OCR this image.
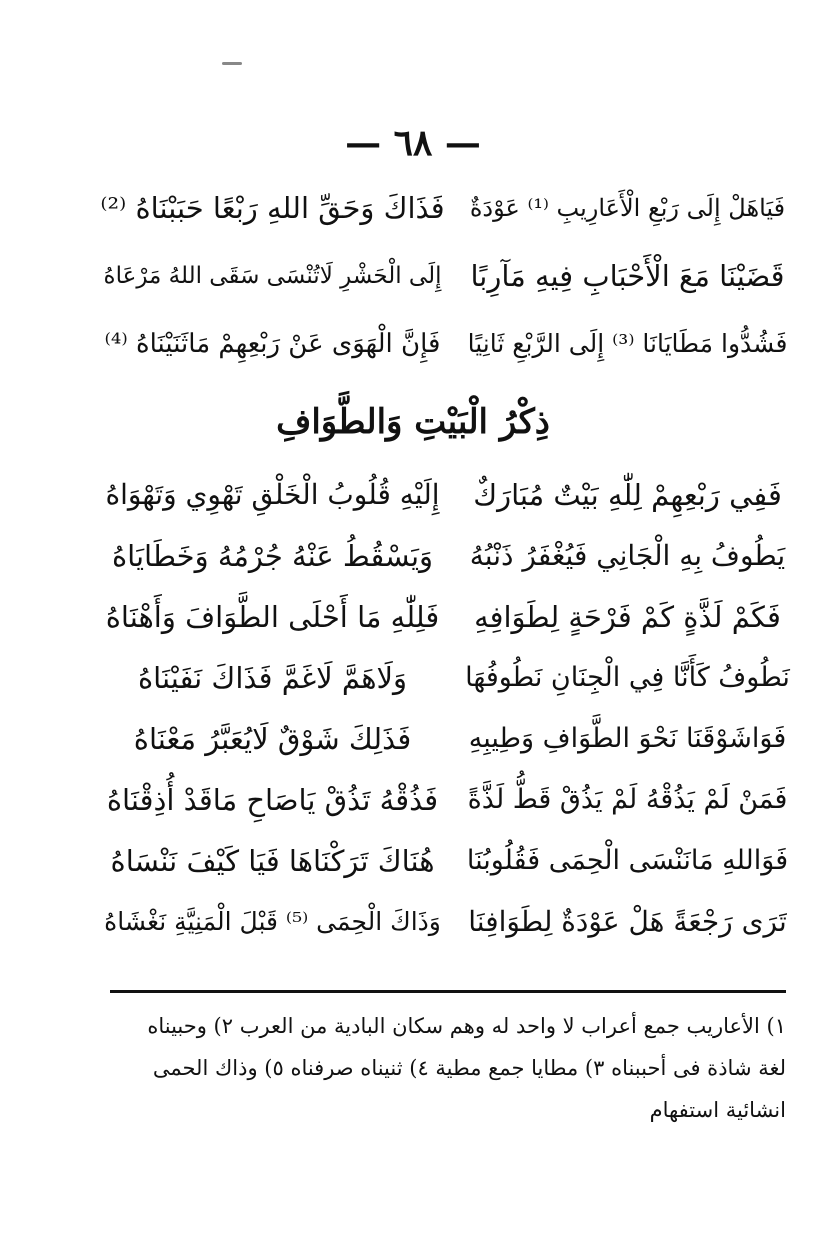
— ٦٨ —
فَيَاهَلْ إِلَى رَبْعِ الْأَعَارِيبِ ⁽¹⁾ عَوْدَةٌ
فَذَاكَ وَحَقِّ اللهِ رَبْعًا حَبَبْنَاهُ ⁽²⁾
قَضَيْنَا مَعَ الْأَحْبَابِ فِيهِ مَآرِبًا
إِلَى الْحَشْرِ لَاتُنْسَى سَقَى اللهُ مَرْعَاهُ
فَشُدُّوا مَطَايَانَا ⁽³⁾ إِلَى الرَّبْعِ ثَانِيًا
فَإِنَّ الْهَوَى عَنْ رَبْعِهِمْ مَاثَنَيْنَاهُ ⁽⁴⁾
ذِكْرُ الْبَيْتِ وَالطَّوَافِ
فَفِي رَبْعِهِمْ لِلّٰهِ بَيْتٌ مُبَارَكٌ
إِلَيْهِ قُلُوبُ الْخَلْقِ تَهْوِي وَتَهْوَاهُ
يَطُوفُ بِهِ الْجَانِي فَيُغْفَرُ ذَنْبُهُ
وَيَسْقُطُ عَنْهُ جُرْمُهُ وَخَطَايَاهُ
فَكَمْ لَذَّةٍ كَمْ فَرْحَةٍ لِطَوَافِهِ
فَلِلّٰهِ مَا أَحْلَى الطَّوَافَ وَأَهْنَاهُ
نَطُوفُ كَأَنَّا فِي الْجِنَانِ نَطُوفُهَا
وَلَاهَمَّ لَاغَمَّ فَذَاكَ نَفَيْنَاهُ
فَوَاشَوْقَنَا نَحْوَ الطَّوَافِ وَطِيبِهِ
فَذَلِكَ شَوْقٌ لَايُعَبَّرُ مَعْنَاهُ
فَمَنْ لَمْ يَذُقْهُ لَمْ يَذُقْ قَطُّ لَذَّةً
فَذُقْهُ تَذُقْ يَاصَاحِ مَاقَدْ أُذِقْنَاهُ
فَوَاللهِ مَانَنْسَى الْحِمَى فَقُلُوبُنَا
هُنَاكَ تَرَكْنَاهَا فَيَا كَيْفَ نَنْسَاهُ
تَرَى رَجْعَةً هَلْ عَوْدَةٌ لِطَوَافِنَا
وَذَاكَ الْحِمَى ⁽⁵⁾ قَبْلَ الْمَنِيَّةِ نَغْشَاهُ
١) الأعاريب جمع أعراب لا واحد له وهم سكان البادية من العرب ٢) وحبيناه
لغة شاذة فى أحببناه ٣) مطايا جمع مطية ٤) ثنيناه صرفناه ٥) وذاك الحمى
انشائية استفهام
